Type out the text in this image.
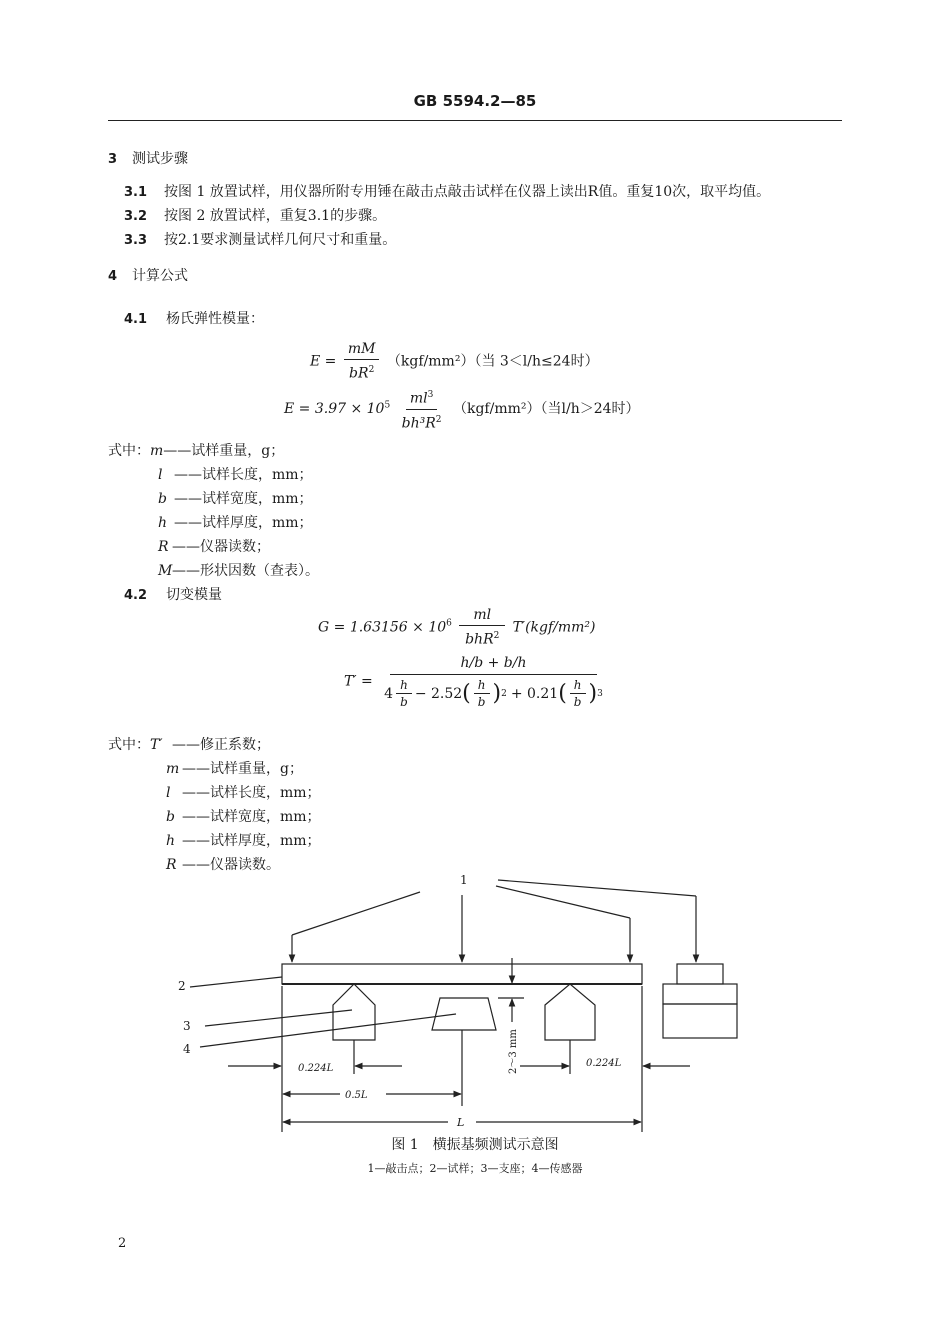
GB 5594.2—85
3 测试步骤
3.1 按图 1 放置试样，用仪器所附专用锤在敲击点敲击试样在仪器上读出R值。重复10次，取平均值。
3.2 按图 2 放置试样，重复3.1的步骤。
3.3 按2.1要求测量试样几何尺寸和重量。
4 计算公式
4.1 杨氏弹性模量：
$E = \frac{mM}{bR^2} (kgf/mm^2)$（当 3＜l/h≤24时）
$E = 3.97 \times 10^5 \frac{ml^3}{bh^3R^2} (kgf/mm^2)$（当l/h＞24时）
式中：m——试样重量，g；
l ——试样长度，mm；
b ——试样宽度，mm；
h ——试样厚度，mm；
R ——仪器读数；
M——形状因数（查表）。
4.2 切变模量
$G = 1.63156 \times 10^6 \frac{ml}{bhR^2} T'(kgf/mm^2)$
$T' = \frac{h/b + b/h}{4 \frac{h}{b} - 2.52 ( \frac{h}{b} ) 2 + 0.21 ( \frac{h}{b} ) 3}$
式中：T′ ——修正系数；
m ——试样重量，g；
l ——试样长度，mm；
b ——试样宽度，mm；
h ——试样厚度，mm；
R ——仪器读数。
1
2
3
4
0.224L	0.224L
0.5L
L
2～3 mm
图 1　横振基频测试示意图
1—敲击点；2—试样；3—支座；4—传感器
2
